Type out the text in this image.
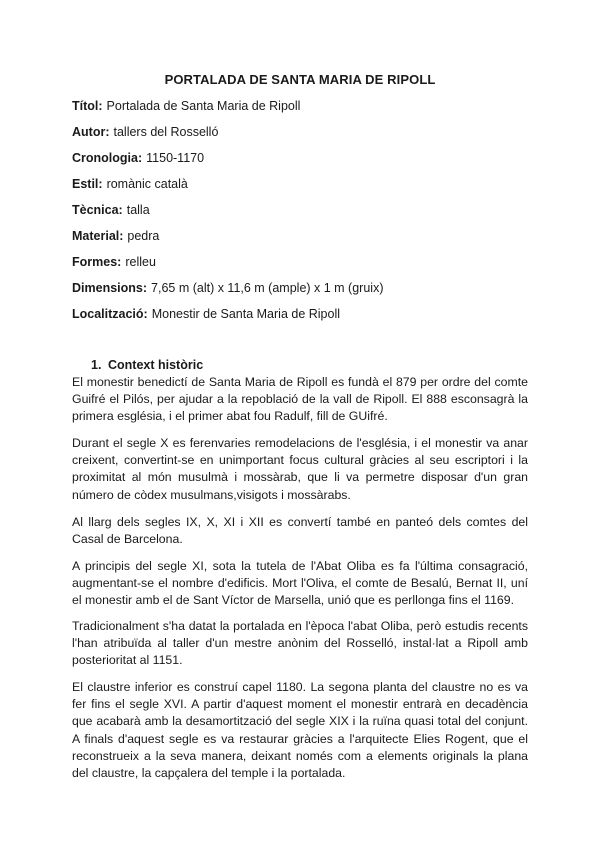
PORTALADA DE SANTA MARIA DE RIPOLL
Títol: Portalada de Santa Maria de Ripoll
Autor: tallers del Rosselló
Cronologia: 1150-1170
Estil: romànic català
Tècnica: talla
Material: pedra
Formes: relleu
Dimensions: 7,65 m (alt) x 11,6 m (ample) x 1 m (gruix)
Localització: Monestir de Santa Maria de Ripoll
1. Context històric

El monestir benedictí de Santa Maria de Ripoll es fundà el 879 per ordre del comte Guifré el Pilós, per ajudar a la repoblació de la vall de Ripoll. El 888 esconsagrà la primera església, i el primer abat fou Radulf, fill de GUifré.

Durant el segle X es ferenvaries remodelacions de l'església, i el monestir va anar creixent, convertint-se en unimportant focus cultural gràcies al seu escriptori i la proximitat al món musulmà i mossàrab, que li va permetre disposar d'un gran número de còdex musulmans,visigots i mossàrabs.

Al llarg dels segles IX, X, XI i XII es convertí també en panteó dels comtes del Casal de Barcelona.

A principis del segle XI, sota la tutela de l'Abat Oliba es fa l'última consagració, augmentant-se el nombre d'edificis. Mort l'Oliva, el comte de Besalú, Bernat II, uní el monestir amb el de Sant Víctor de Marsella, unió que es perllonga fins el 1169.

Tradicionalment s'ha datat la portalada en l'època l'abat Oliba, però estudis recents l'han atribuïda al taller d'un mestre anònim del Rosselló, instal·lat a Ripoll amb posterioritat al 1151.

El claustre inferior es construí capel 1180. La segona planta del claustre no es va fer fins el segle XVI. A partir d'aquest moment el monestir entrarà en decadència que acabarà amb la desamortització del segle XIX i la ruïna quasi total del conjunt. A finals d'aquest segle es va restaurar gràcies a l'arquitecte Elies Rogent, que el reconstrueix a la seva manera, deixant només com a elements originals la plana del claustre, la capçalera del temple i la portalada.
